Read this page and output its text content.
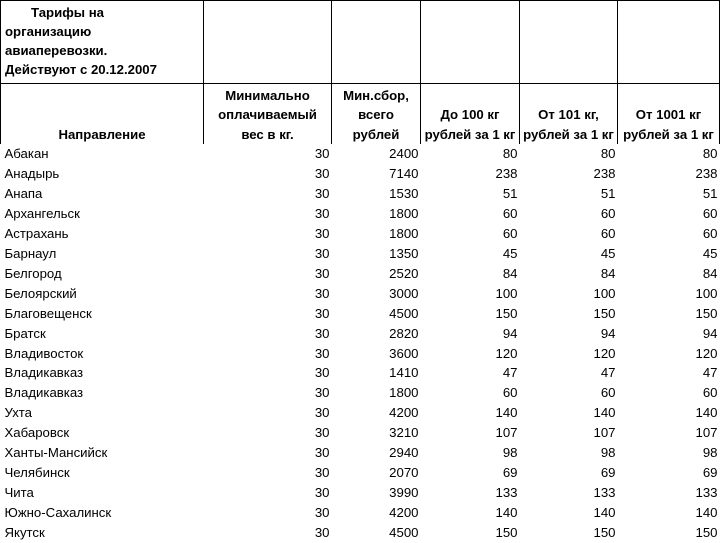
Тарифы на
организацию
авиаперевозки.
Действуют с 20.12.2007					

Направление	Минимально оплачиваемый вес в кг.	Мин.сбор, всего рублей	До 100 кг рублей за 1 кг	От 101 кг, рублей за 1 кг	От 1001 кг рублей за 1 кг
Абакан	30	2400	80	80	80
Анадырь	30	7140	238	238	238
Анапа	30	1530	51	51	51
Архангельск	30	1800	60	60	60
Астрахань	30	1800	60	60	60
Барнаул	30	1350	45	45	45
Белгород	30	2520	84	84	84
Белоярский	30	3000	100	100	100
Благовещенск	30	4500	150	150	150
Братск	30	2820	94	94	94
Владивосток	30	3600	120	120	120
Владикавказ	30	1410	47	47	47
Владикавказ	30	1800	60	60	60
Ухта	30	4200	140	140	140
Хабаровск	30	3210	107	107	107
Ханты-Мансийск	30	2940	98	98	98
Челябинск	30	2070	69	69	69
Чита	30	3990	133	133	133
Южно-Сахалинск	30	4200	140	140	140
Якутск	30	4500	150	150	150
